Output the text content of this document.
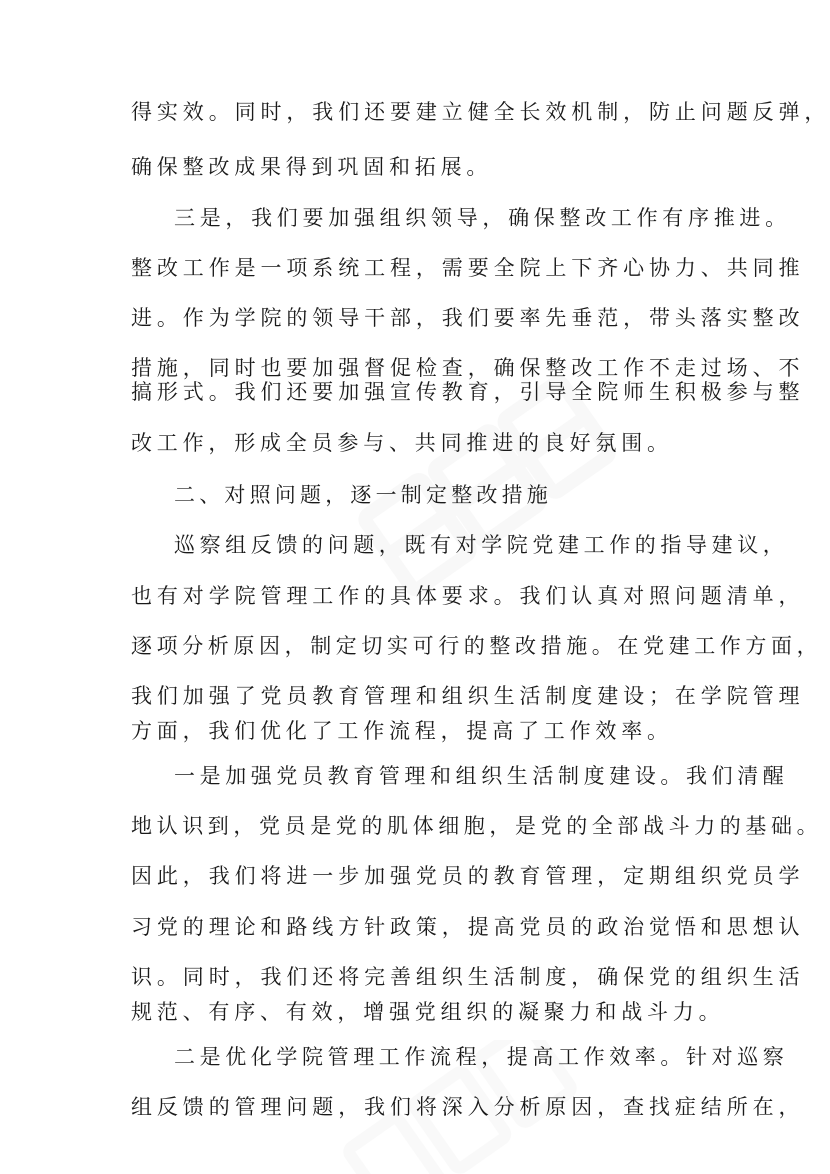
得实效。同时，我们还要建立健全长效机制，防止问题反弹，
确保整改成果得到巩固和拓展。
三是，我们要加强组织领导，确保整改工作有序推进。
整改工作是一项系统工程，需要全院上下齐心协力、共同推
进。作为学院的领导干部，我们要率先垂范，带头落实整改
措施，同时也要加强督促检查，确保整改工作不走过场、不
搞形式。我们还要加强宣传教育，引导全院师生积极参与整
改工作，形成全员参与、共同推进的良好氛围。
二、对照问题，逐一制定整改措施
巡察组反馈的问题，既有对学院党建工作的指导建议，
也有对学院管理工作的具体要求。我们认真对照问题清单，
逐项分析原因，制定切实可行的整改措施。在党建工作方面，
我们加强了党员教育管理和组织生活制度建设；在学院管理
方面，我们优化了工作流程，提高了工作效率。
一是加强党员教育管理和组织生活制度建设。我们清醒
地认识到，党员是党的肌体细胞，是党的全部战斗力的基础。
因此，我们将进一步加强党员的教育管理，定期组织党员学
习党的理论和路线方针政策，提高党员的政治觉悟和思想认
识。同时，我们还将完善组织生活制度，确保党的组织生活
规范、有序、有效，增强党组织的凝聚力和战斗力。
二是优化学院管理工作流程，提高工作效率。针对巡察
组反馈的管理问题，我们将深入分析原因，查找症结所在，
